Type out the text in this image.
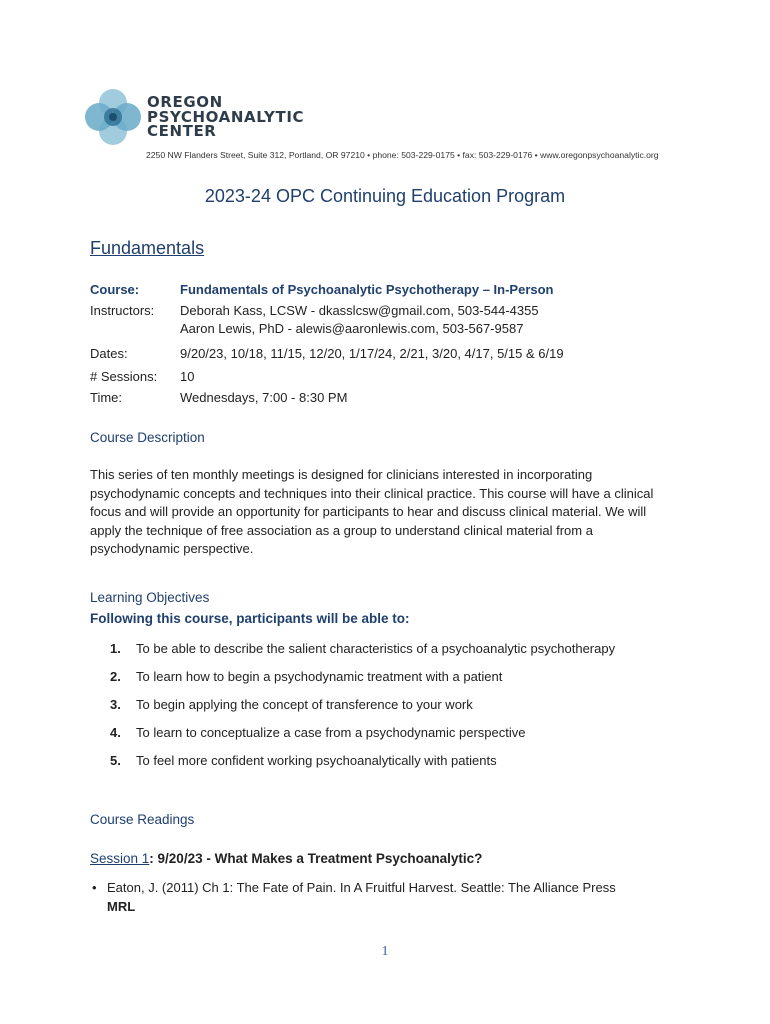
OREGON
PSYCHOANALYTIC
CENTER
2250 NW Flanders Street, Suite 312, Portland, OR 97210 • phone: 503-229-0175 • fax: 503-229-0176 • www.oregonpsychoanalytic.org
2023-24 OPC Continuing Education Program
Fundamentals
Course:	Fundamentals of Psychoanalytic Psychotherapy – In-Person
Instructors: Deborah Kass, LCSW - dkasslcsw@gmail.com, 503-544-4355
Aaron Lewis, PhD - alewis@aaronlewis.com, 503-567-9587
Dates:	9/20/23, 10/18, 11/15, 12/20, 1/17/24, 2/21, 3/20, 4/17, 5/15 & 6/19
# Sessions: 10
Time:	Wednesdays, 7:00 - 8:30 PM
Course Description
This series of ten monthly meetings is designed for clinicians interested in incorporating psychodynamic concepts and techniques into their clinical practice. This course will have a clinical focus and will provide an opportunity for participants to hear and discuss clinical material. We will apply the technique of free association as a group to understand clinical material from a psychodynamic perspective.
Learning Objectives
Following this course, participants will be able to:
1.	To be able to describe the salient characteristics of a psychoanalytic psychotherapy
2.	To learn how to begin a psychodynamic treatment with a patient
3.	To begin applying the concept of transference to your work
4.	To learn to conceptualize a case from a psychodynamic perspective
5.	To feel more confident working psychoanalytically with patients
Course Readings
Session 1: 9/20/23 - What Makes a Treatment Psychoanalytic?
• Eaton, J. (2011) Ch 1: The Fate of Pain. In A Fruitful Harvest. Seattle: The Alliance Press
MRL
1
